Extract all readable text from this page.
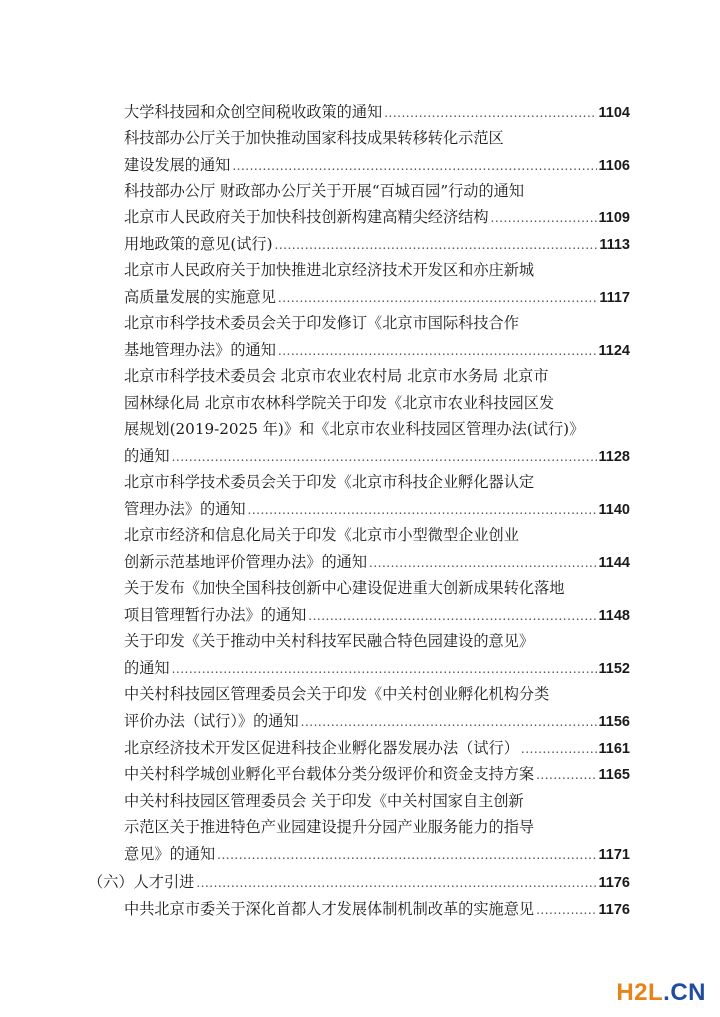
大学科技园和众创空间税收政策的通知 .....	1104
科技部办公厅关于加快推动国家科技成果转移转化示范区
建设发展的通知 .....	1106
科技部办公厅 财政部办公厅关于开展“百城百园”行动的通知
北京市人民政府关于加快科技创新构建高精尖经济结构 .....	1109
用地政策的意见(试行) .....	1113
北京市人民政府关于加快推进北京经济技术开发区和亦庄新城
高质量发展的实施意见 .....	1117
北京市科学技术委员会关于印发修订《北京市国际科技合作
基地管理办法》的通知 .....	1124
北京市科学技术委员会 北京市农业农村局 北京市水务局 北京市
园林绿化局 北京市农林科学院关于印发《北京市农业科技园区发
展规划(2019-2025 年)》和《北京市农业科技园区管理办法(试行)》
的通知 .....	1128
北京市科学技术委员会关于印发《北京市科技企业孵化器认定
管理办法》的通知 .....	1140
北京市经济和信息化局关于印发《北京市小型微型企业创业
创新示范基地评价管理办法》的通知 .....	1144
关于发布《加快全国科技创新中心建设促进重大创新成果转化落地
项目管理暂行办法》的通知 .....	1148
关于印发《关于推动中关村科技军民融合特色园建设的意见》
的通知 .....	1152
中关村科技园区管理委员会关于印发《中关村创业孵化机构分类
评价办法（试行）》的通知 .....	1156
北京经济技术开发区促进科技企业孵化器发展办法（试行） .....	1161
中关村科学城创业孵化平台载体分类分级评价和资金支持方案 .....	1165
中关村科技园区管理委员会 关于印发《中关村国家自主创新
示范区关于推进特色产业园建设提升分园产业服务能力的指导
意见》的通知 .....	1171
（六）人才引进 .....	1176
中共北京市委关于深化首都人才发展体制机制改革的实施意见 .....	1176
H2L.CN
